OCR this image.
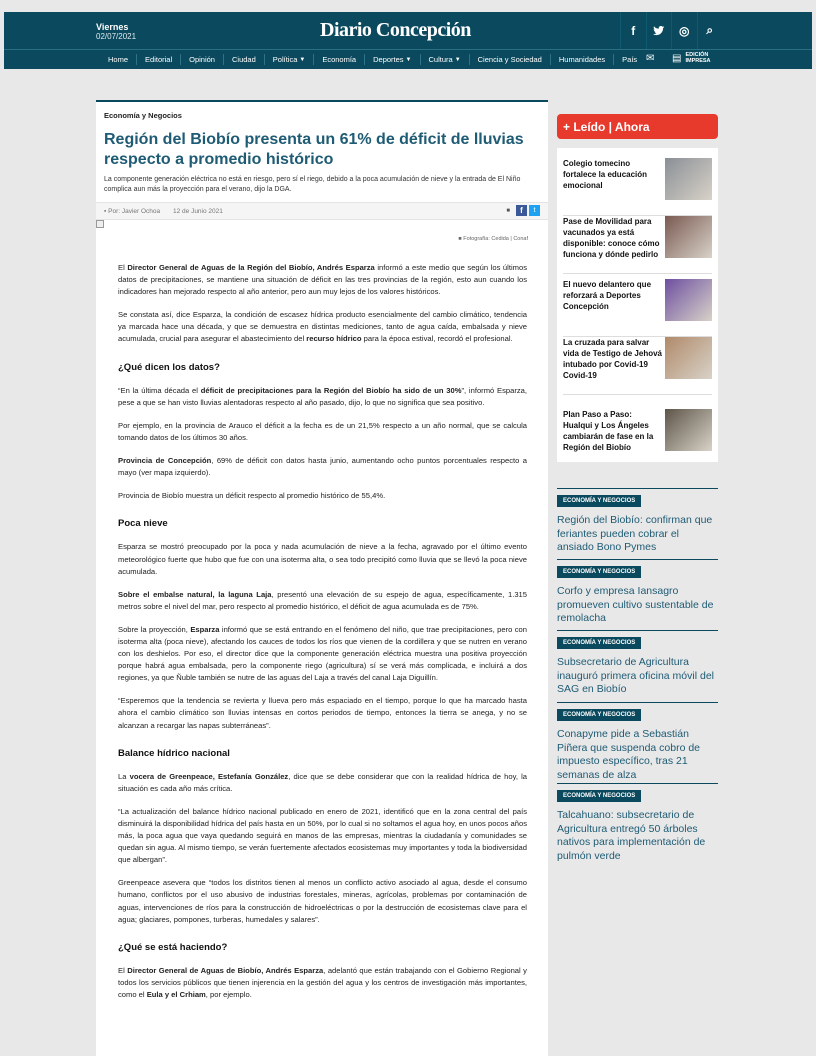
Viernes
02/07/2021	Diario Concepción	f	◎	⌕
Home Editorial Opinión Ciudad Política ▼ Economía Deportes ▼ Cultura ▼ Ciencia y Sociedad Humanidades País ✉ ▤ EDICIÓN
IMPRESA
Economía y Negocios
Región del Biobío presenta un 61% de déficit de lluvias respecto a promedio histórico
La componente generación eléctrica no está en riesgo, pero sí el riego, debido a la poca acumulación de nieve y la entrada de El Niño complica aun más la proyección para el verano, dijo la DGA.
▪ Por: Javier Ochoa 12 de Junio 2021	■	f	t
■ Fotografía: Cedida | Conaf

El Director General de Aguas de la Región del Biobío, Andrés Esparza informó a este medio que según los últimos datos de precipitaciones, se mantiene una situación de déficit en las tres provincias de la región, esto aun cuando los indicadores han mejorado respecto al año anterior, pero aun muy lejos de los valores históricos.

Se constata así, dice Esparza, la condición de escasez hídrica producto esencialmente del cambio climático, tendencia ya marcada hace una década, y que se demuestra en distintas mediciones, tanto de agua caída, embalsada y nieve acumulada, crucial para asegurar el abastecimiento del recurso hídrico para la época estival, recordó el profesional.

¿Qué dicen los datos?

“En la última década el déficit de precipitaciones para la Región del Biobío ha sido de un 30%”, informó Esparza, pese a que se han visto lluvias alentadoras respecto al año pasado, dijo, lo que no significa que sea positivo.

Por ejemplo, en la provincia de Arauco el déficit a la fecha es de un 21,5% respecto a un año normal, que se calcula tomando datos de los últimos 30 años.

Provincia de Concepción, 69% de déficit con datos hasta junio, aumentando ocho puntos porcentuales respecto a mayo (ver mapa izquierdo).

Provincia de Biobío muestra un déficit respecto al promedio histórico de 55,4%.

Poca nieve

Esparza se mostró preocupado por la poca y nada acumulación de nieve a la fecha, agravado por el último evento meteorológico fuerte que hubo que fue con una isoterma alta, o sea todo precipitó como lluvia que se llevó la poca nieve acumulada.

Sobre el embalse natural, la laguna Laja, presentó una elevación de su espejo de agua, específicamente, 1.315 metros sobre el nivel del mar, pero respecto al promedio histórico, el déficit de agua acumulada es de 75%.

Sobre la proyección, Esparza informó que se está entrando en el fenómeno del niño, que trae precipitaciones, pero con isoterma alta (poca nieve), afectando los cauces de todos los ríos que vienen de la cordillera y que se nutren en verano con los deshielos. Por eso, el director dice que la componente generación eléctrica muestra una positiva proyección porque habrá agua embalsada, pero la componente riego (agricultura) sí se verá más complicada, e incluirá a dos regiones, ya que Ñuble también se nutre de las aguas del Laja a través del canal Laja Diguillín.

“Esperemos que la tendencia se revierta y llueva pero más espaciado en el tiempo, porque lo que ha marcado hasta ahora el cambio climático son lluvias intensas en cortos periodos de tiempo, entonces la tierra se anega, y no se alcanzan a recargar las napas subterráneas”.

Balance hídrico nacional

La vocera de Greenpeace, Estefanía González, dice que se debe considerar que con la realidad hídrica de hoy, la situación es cada año más crítica.

“La actualización del balance hídrico nacional publicado en enero de 2021, identificó que en la zona central del país disminuirá la disponibilidad hídrica del país hasta en un 50%, por lo cual si no soltamos el agua hoy, en unos pocos años más, la poca agua que vaya quedando seguirá en manos de las empresas, mientras la ciudadanía y comunidades se quedan sin agua. Al mismo tiempo, se verán fuertemente afectados ecosistemas muy importantes y toda la biodiversidad que albergan”.

Greenpeace asevera que “todos los distritos tienen al menos un conflicto activo asociado al agua, desde el consumo humano, conflictos por el uso abusivo de industrias forestales, mineras, agrícolas, problemas por contaminación de aguas, intervenciones de ríos para la construcción de hidroeléctricas o por la destrucción de ecosistemas clave para el agua; glaciares, pompones, turberas, humedales y salares”.

¿Qué se está haciendo?

El Director General de Aguas de Biobío, Andrés Esparza, adelantó que están trabajando con el Gobierno Regional y todos los servicios públicos que tienen injerencia en la gestión del agua y los centros de investigación más importantes, como el Eula y el Crhiam, por ejemplo.

+ Leído | Ahora
Colegio tomecino fortalece la educación emocional
Pase de Movilidad para vacunados ya está disponible: conoce cómo funciona y dónde pedirlo
El nuevo delantero que reforzará a Deportes Concepción
La cruzada para salvar vida de Testigo de Jehová intubado por Covid-19 Covid-19
Plan Paso a Paso: Hualqui y Los Ángeles cambiarán de fase en la Región del Biobío
ECONOMÍA Y NEGOCIOS
Región del Biobío: confirman que feriantes pueden cobrar el ansiado Bono Pymes
ECONOMÍA Y NEGOCIOS
Corfo y empresa Iansagro promueven cultivo sustentable de remolacha
ECONOMÍA Y NEGOCIOS
Subsecretario de Agricultura inauguró primera oficina móvil del SAG en Biobío
ECONOMÍA Y NEGOCIOS
Conapyme pide a Sebastián Piñera que suspenda cobro de impuesto específico, tras 21 semanas de alza
ECONOMÍA Y NEGOCIOS
Talcahuano: subsecretario de Agricultura entregó 50 árboles nativos para implementación de pulmón verde
